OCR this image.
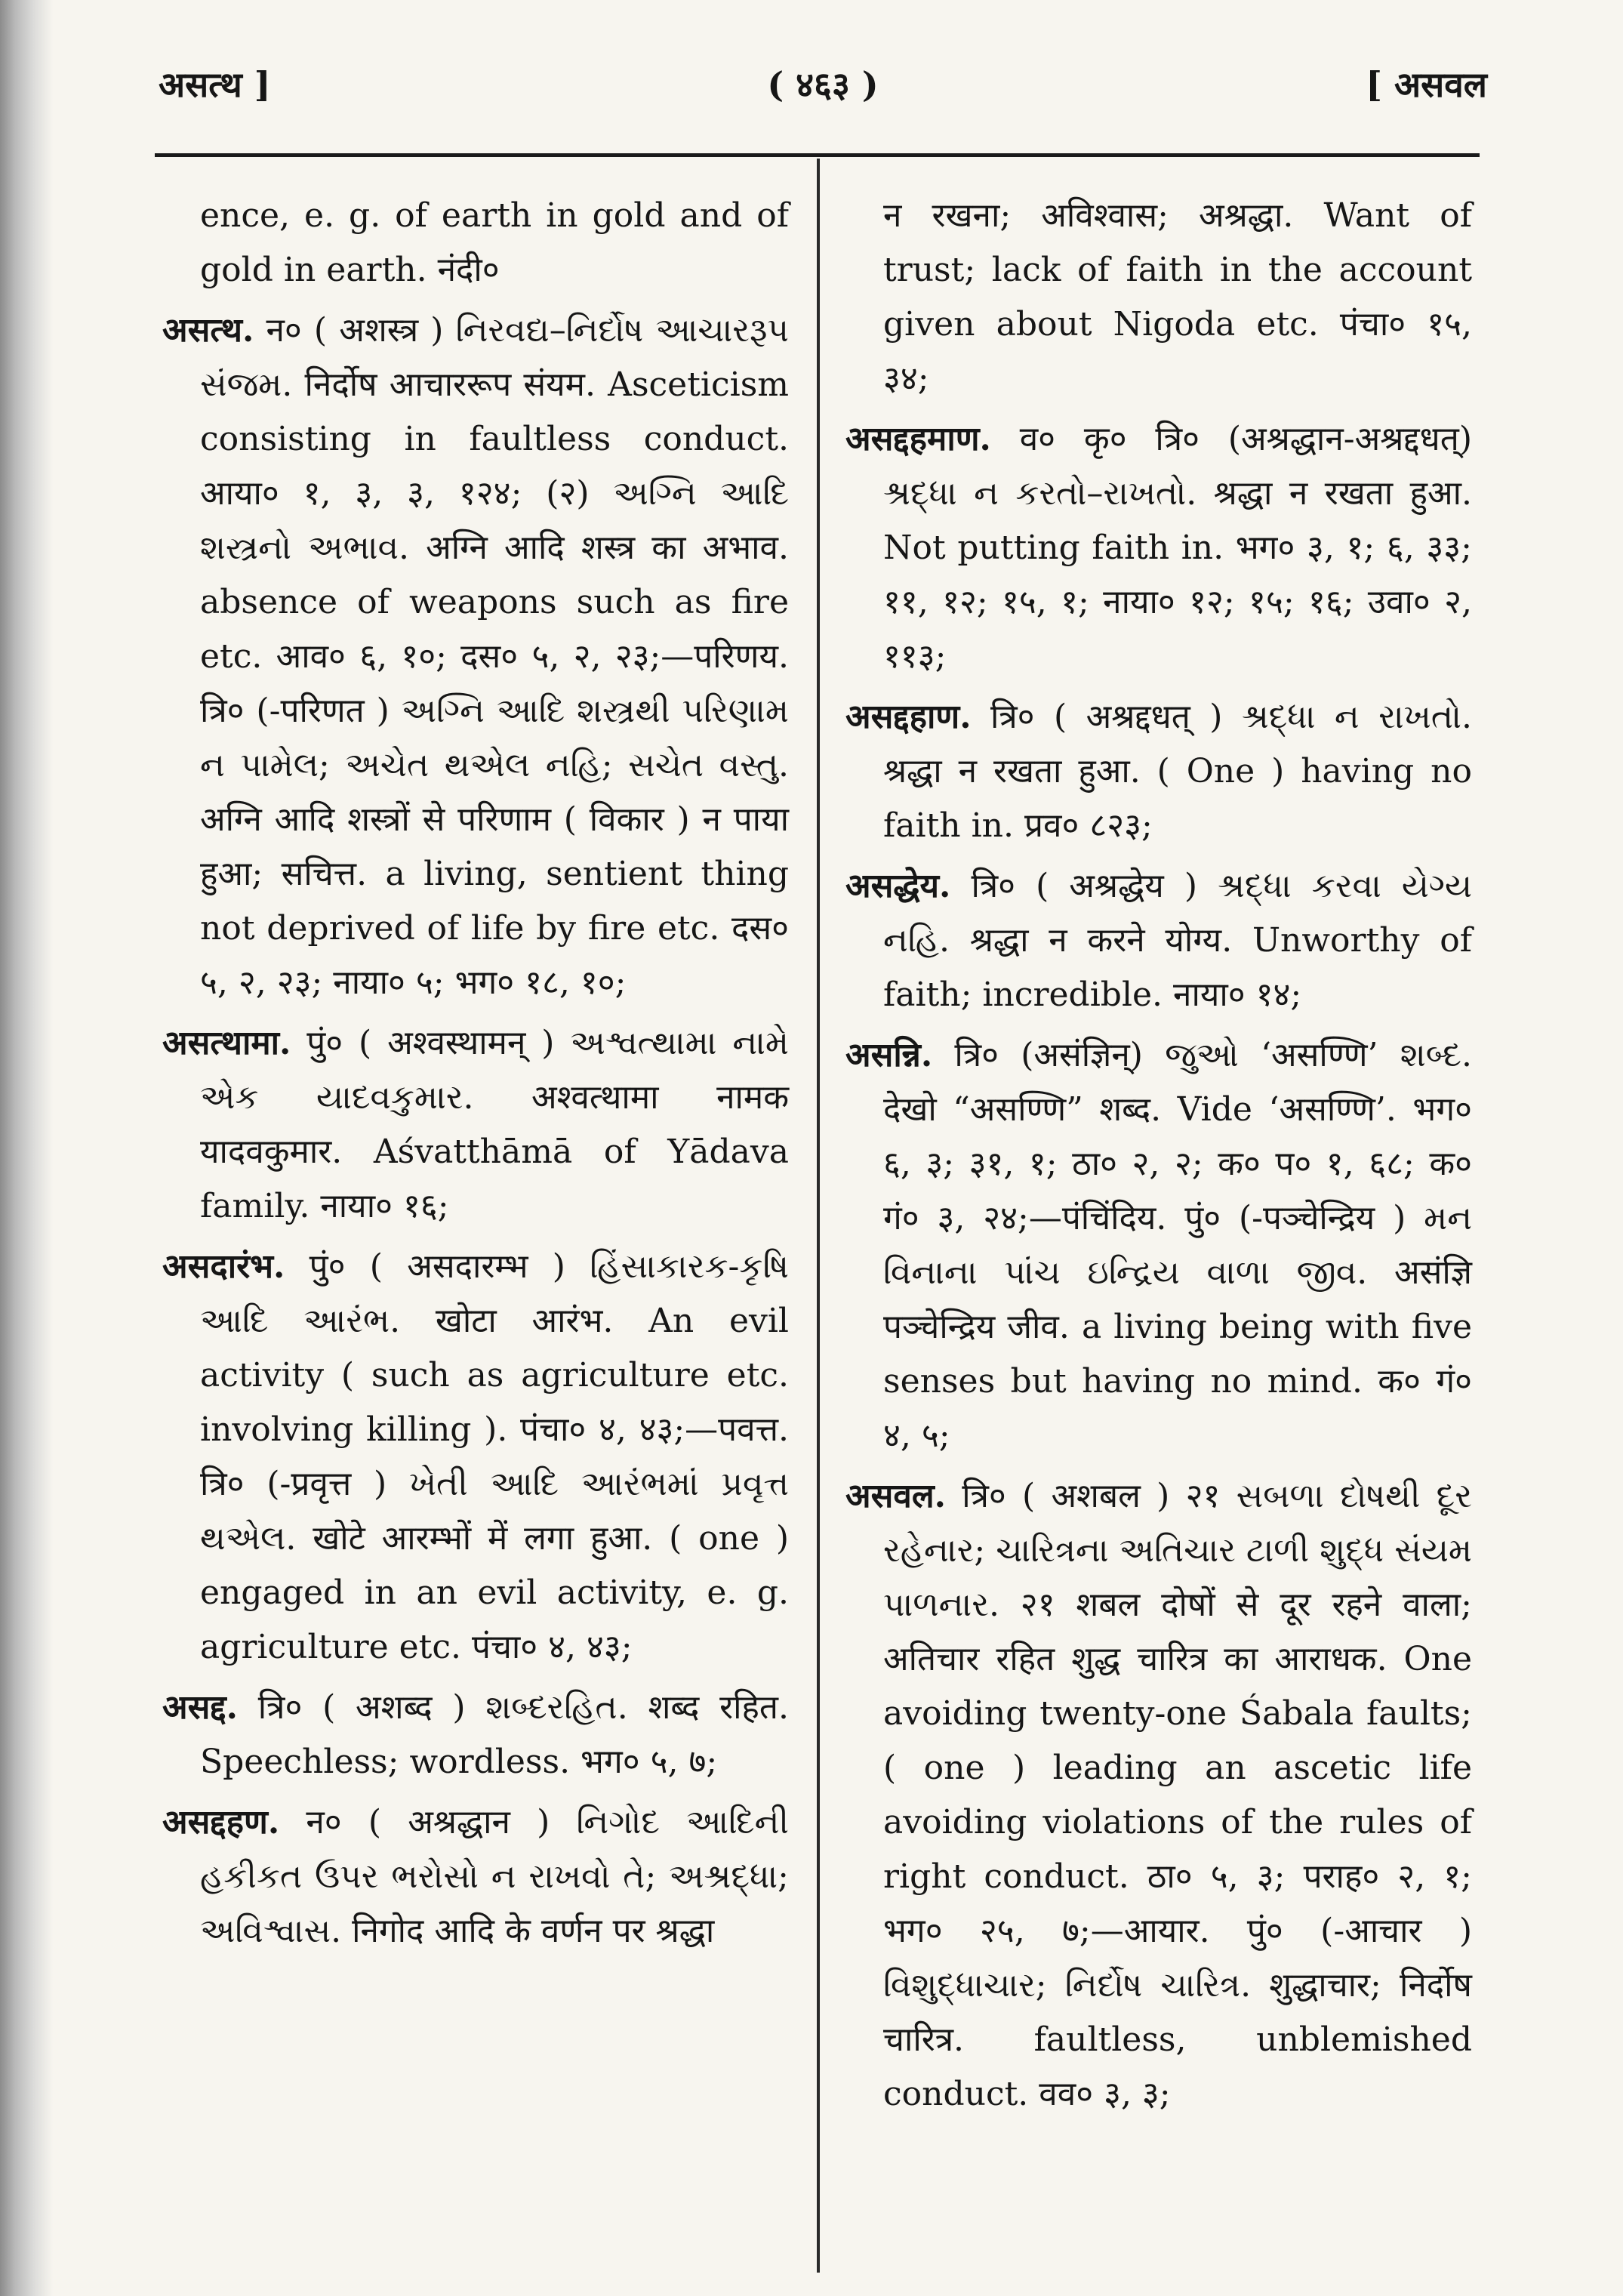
असत्थ ]	( ४६३ )	[ असवल

ence, e. g. of earth in gold and of gold in earth. नंदी०

असत्थ. न० ( अशस्त्र ) નિરવદ્ય–નિર્દોષ આચારરૂપ સંજમ. निर्दोष आचाररूप संयम. Asceticism consisting in faultless conduct. आया० १, ३, ३, १२४; (२) અગ્નિ આદિ શસ્ત્રનો અભાવ. अग्नि आदि शस्त्र का अभाव. absence of weapons such as fire etc. आव० ६, १०; दस० ५, २, २३;—परिणय. त्रि० (-परिणत ) અગ્નિ આદિ શસ્ત્રથી પરિણામ ન પામેલ; અચેત થએલ નહિ; સચેત વસ્તુ. अग्नि आदि शस्त्रों से परिणाम ( विकार ) न पाया हुआ; सचित्त. a living, sentient thing not deprived of life by fire etc. दस० ५, २, २३; नाया० ५; भग० १८, १०;

असत्थामा. पुं० ( अश्वस्थामन् ) અશ્વત્થામા નામે એક યાદવકુમાર. अश्वत्थामा नामक यादवकुमार. Aśvatthāmā of Yādava family. नाया० १६;

असदारंभ. पुं० ( असदारम्भ ) હિંસાકારક-કૃષિ આદિ આરંભ. खोटा आरंभ. An evil activity ( such as agriculture etc. involving killing ). पंचा० ४, ४३;—पवत्त. त्रि० (-प्रवृत्त ) ખેતી આદિ આરંભમાં પ્રવૃત્ત થએલ. खोटे आरम्भों में लगा हुआ. ( one ) engaged in an evil activity, e. g. agriculture etc. पंचा० ४, ४३;

असद्द. त्रि० ( अशब्द ) શબ્દરહિત. शब्द रहित. Speechless; wordless. भग० ५, ७;

असद्दहण. न० ( अश्रद्धान ) નિગોદ આદિની હકીકત ઉપર ભરોસો ન રાખવો તે; અશ્રદ્ધા; અવિશ્વાસ. निगोद आदि के वर्णन पर श्रद्धा

न रखना; अविश्वास; अश्रद्धा. Want of trust; lack of faith in the account given about Nigoda etc. पंचा० १५, ३४;

असद्दहमाण. व० कृ० त्रि० (अश्रद्धान-अश्रद्दधत्) શ્રદ્ધા ન કરતો–રાખતો. श्रद्धा न रखता हुआ. Not putting faith in. भग० ३, १; ६, ३३; ११, १२; १५, १; नाया० १२; १५; १६; उवा० २, ११३;

असद्दहाण. त्रि० ( अश्रद्दधत् ) શ્રદ્ધા ન રાખતો. श्रद्धा न रखता हुआ. ( One ) having no faith in. प्रव० ८२३;

असद्धेय. त्रि० ( अश्रद्धेय ) શ્રદ્ધા કરવા યેગ્ય નહિ. श्रद्धा न करने योग्य. Unworthy of faith; incredible. नाया० १४;

असन्नि. त्रि० (असंज्ञिन्) જુઓ ‘असण्णि’ શબ્દ. देखो “असण्णि” शब्द. Vide ‘असण्णि’. भग० ६, ३; ३१, १; ठा० २, २; क० प० १, ६८; क० गं० ३, २४;—पंचिंदिय. पुं० (-पञ्चेन्द्रिय ) મન વિનાના પાંચ ઇન્દ્રિય વાળા જીવ. असंज्ञि पञ्चेन्द्रिय जीव. a living being with five senses but having no mind. क० गं० ४, ५;

असवल. त्रि० ( अशबल ) २१ સબળા દોષથી દૂર રહેનાર; ચારિત્રના અતિચાર ટાળી શુદ્ધ સંયમ પાળનાર. २१ शबल दोषों से दूर रहने वाला; अतिचार रहित शुद्ध चारित्र का आराधक. One avoiding twenty-one Śabala faults; ( one ) leading an ascetic life avoiding violations of the rules of right conduct. ठा० ५, ३; पराह० २, १; भग० २५, ७;—आयार. पुं० (-आचार ) વિશુદ્ધાચાર; નિર્દોષ ચારિત્ર. शुद्धाचार; निर्दोष चारित्र. faultless, unblemished conduct. वव० ३, ३;
